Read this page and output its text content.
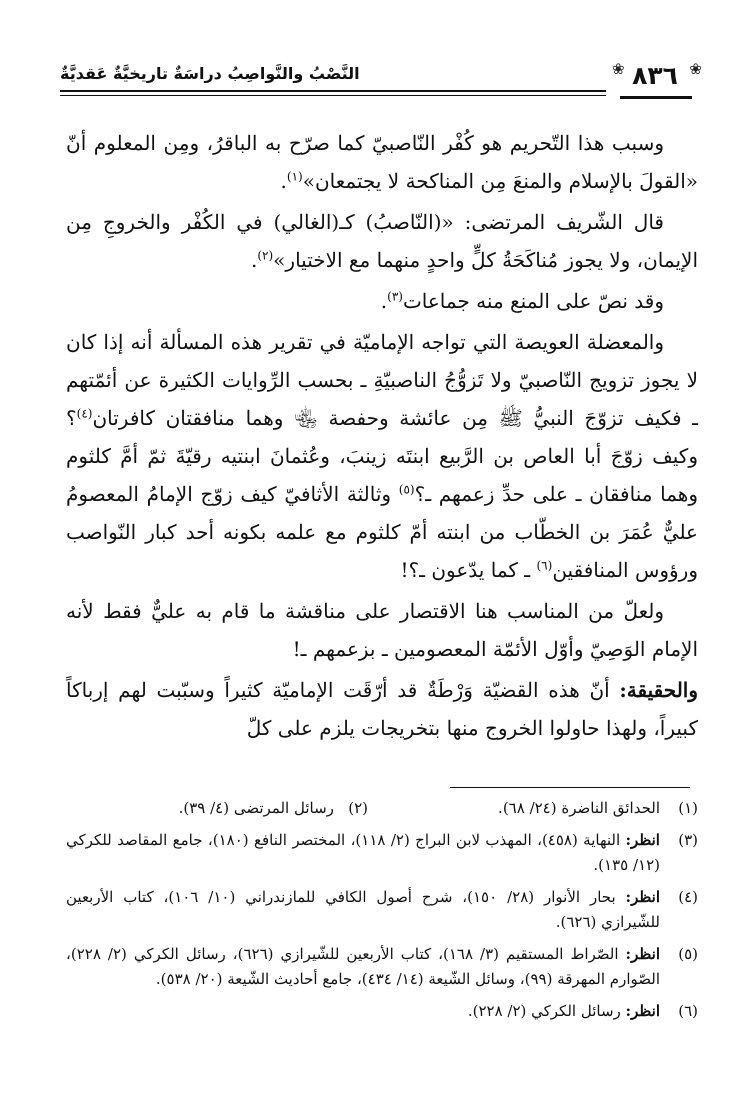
❀
٨٣٦
❀
النَّصْبُ والنَّواصِبُ دراسَةٌ تاريخيَّةٌ عَقديَّةٌ

وسبب هذا التّحريم هو كُفْر النّاصبيّ كما صرّح به الباقرُ، ومِن المعلوم أنّ «القولَ بالإسلام والمنعَ مِن المناكحة لا يجتمعان»$^{(١)}$.

قال الشّريف المرتضى: «(النّاصبُ) كـ(الغالي) في الكُفْر والخروجِ مِن الإيمان، ولا يجوز مُناكَحَةُ كلٍّ واحدٍ منهما مع الاختيار»$^{(٢)}$.

وقد نصّ على المنع منه جماعات$^{(٣)}$.

والمعضلة العويصة التي تواجه الإماميّة في تقرير هذه المسألة أنه إذا كان لا يجوز تزويج النّاصبيّ ولا تَزوُّجُ الناصبيّةِ ـ بحسب الرِّوايات الكثيرة عن أئمّتهم ـ فكيف تزوّجَ النبيُّ ﷺ مِن عائشة وحفصة ﵄ وهما منافقتان كافرتان$^{(٤)}$؟ وكيف زوّجَ أبا العاص بن الرَّبيع ابنتَه زينبَ، وعُثمانَ ابنتيه رقيّةَ ثمّ أمَّ كلثوم وهما منافقان ـ على حدِّ زعمهم ـ؟$^{(٥)}$ وثالثة الأثافيّ كيف زوّج الإمامُ المعصومُ عليٌّ عُمَرَ بن الخطّاب من ابنته أمّ كلثوم مع علمه بكونه أحد كبار النّواصب ورؤوس المنافقين$^{(٦)}$ ـ كما يدّعون ـ؟!

ولعلّ من المناسب هنا الاقتصار على مناقشة ما قام به عليٌّ فقط لأنه الإمام الوَصِيّ وأوّل الأئمّة المعصومين ـ بزعمهم ـ!

والحقيقة: أنّ هذه القضيّة وَرْطَةٌ قد أرّقَت الإماميّة كثيراً وسبّبت لهم إرباكاً كبيراً، ولهذا حاولوا الخروج منها بتخريجات يلزم على كلّ

(١)
الحدائق الناضرة (٢٤/ ٦٨).(٢)   رسائل المرتضى (٤/ ٣٩).
(٣)
انظر: النهاية (٤٥٨)، المهذب لابن البراج (٢/ ١١٨)، المختصر النافع (١٨٠)، جامع المقاصد للكركي (١٢/ ١٣٥).
(٤)
انظر: بحار الأنوار (٢٨/ ١٥٠)، شرح أصول الكافي للمازندراني (١٠/ ١٠٦)، كتاب الأربعين للشّيرازي (٦٢٦).
(٥)
انظر: الصّراط المستقيم (٣/ ١٦٨)، كتاب الأربعين للشّيرازي (٦٢٦)، رسائل الكركي (٢/ ٢٢٨)، الصّوارم المهرقة (٩٩)، وسائل الشّيعة (١٤/ ٤٣٤)، جامع أحاديث الشّيعة (٢٠/ ٥٣٨).
(٦)
انظر: رسائل الكركي (٢/ ٢٢٨).
